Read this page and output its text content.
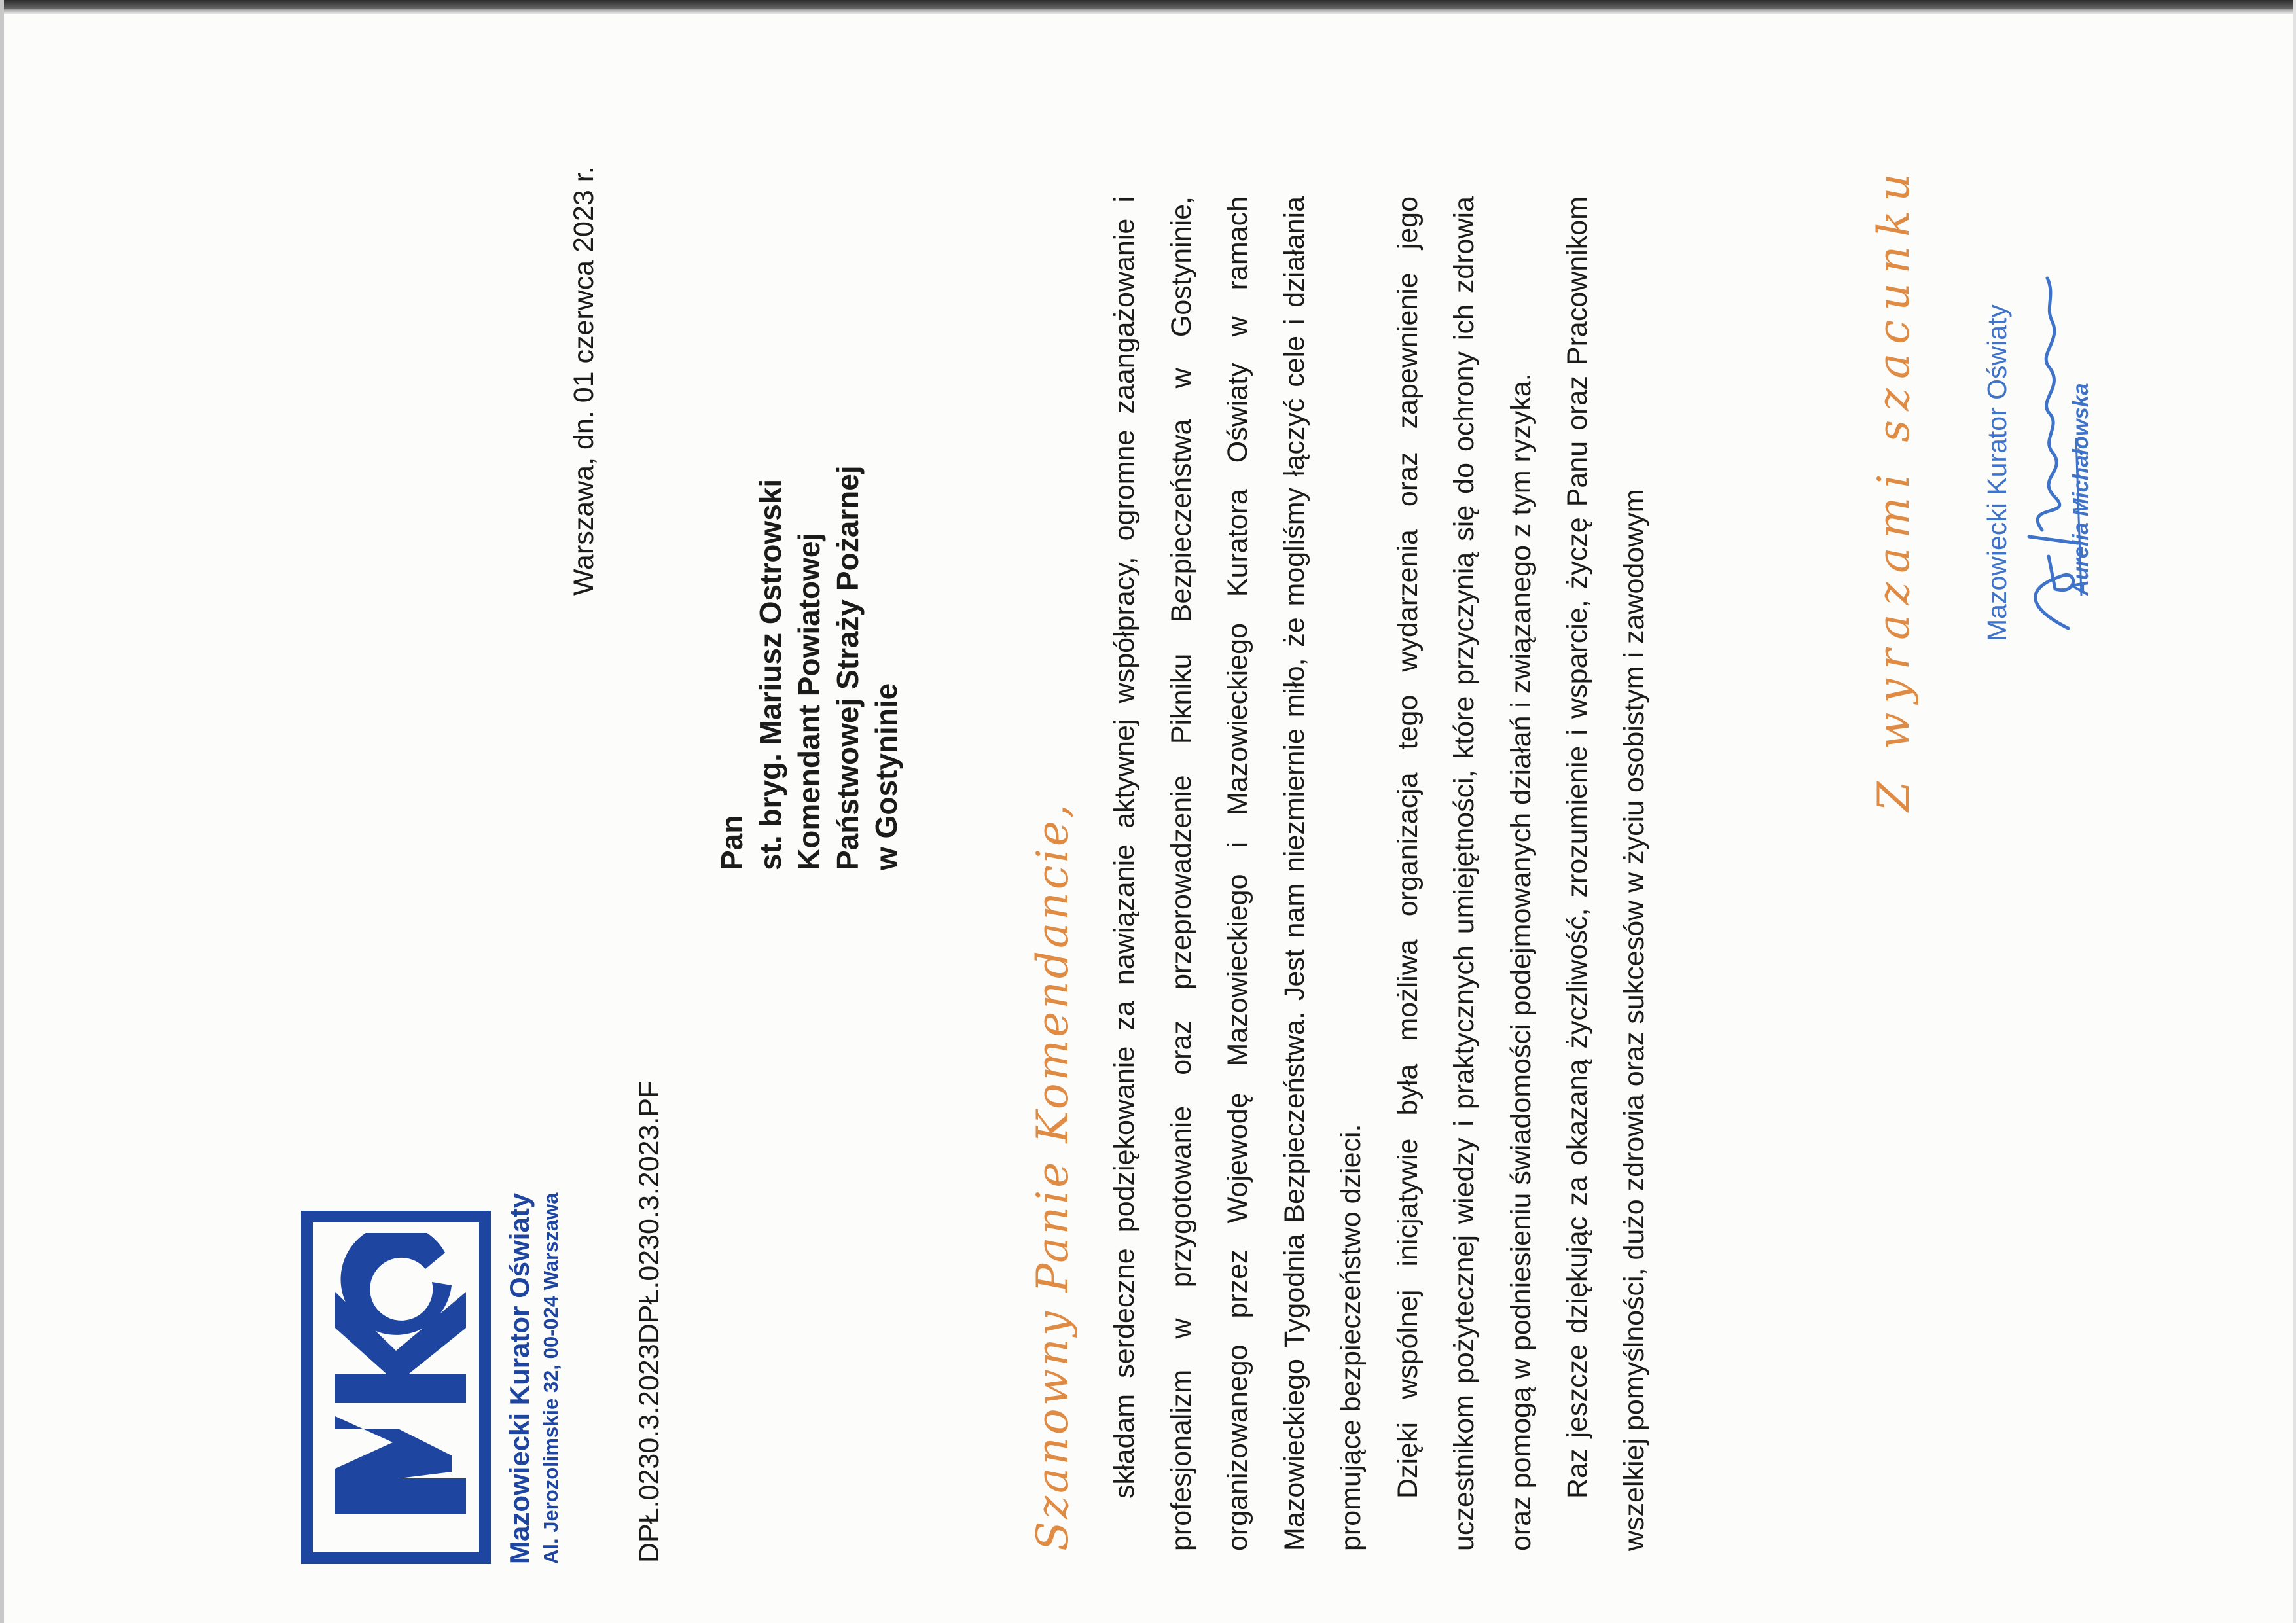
Mazowiecki Kurator Oświaty Al. Jerozolimskie 32, 00-024 Warszawa	DPŁ.0230.3.2023DPŁ.0230.3.2023.PF
Warszawa, dn. 01 czerwca 2023 r.
Pan st. bryg. Mariusz Ostrowski Komendant Powiatowej Państwowej Straży Pożarnej w Gostyninie
Szanowny Panie Komendancie,	składam serdeczne podziękowanie za nawiązanie aktywnej współpracy, ogromne zaangażowanie i profesjonalizm w przygotowanie oraz przeprowadzenie Pikniku Bezpieczeństwa w Gostyninie, organizowanego przez Wojewodę Mazowieckiego i Mazowieckiego Kuratora Oświaty w ramach Mazowieckiego Tygodnia Bezpieczeństwa. Jest nam niezmiernie miło, że mogliśmy łączyć cele i działania promujące bezpieczeństwo dzieci. Dzięki wspólnej inicjatywie była możliwa organizacja tego wydarzenia oraz zapewnienie jego uczestnikom pożytecznej wiedzy i praktycznych umiejętności, które przyczynią się do ochrony ich zdrowia oraz pomogą w podniesieniu świadomości podejmowanych działań i związanego z tym ryzyka. Raz jeszcze dziękując za okazaną życzliwość, zrozumienie i wsparcie, życzę Panu oraz Pracownikom wszelkiej pomyślności, dużo zdrowia oraz sukcesów w życiu osobistym i zawodowym

Z wyrazami szacunku Mazowiecki Kurator Oświaty	Aurelia Michałowska
